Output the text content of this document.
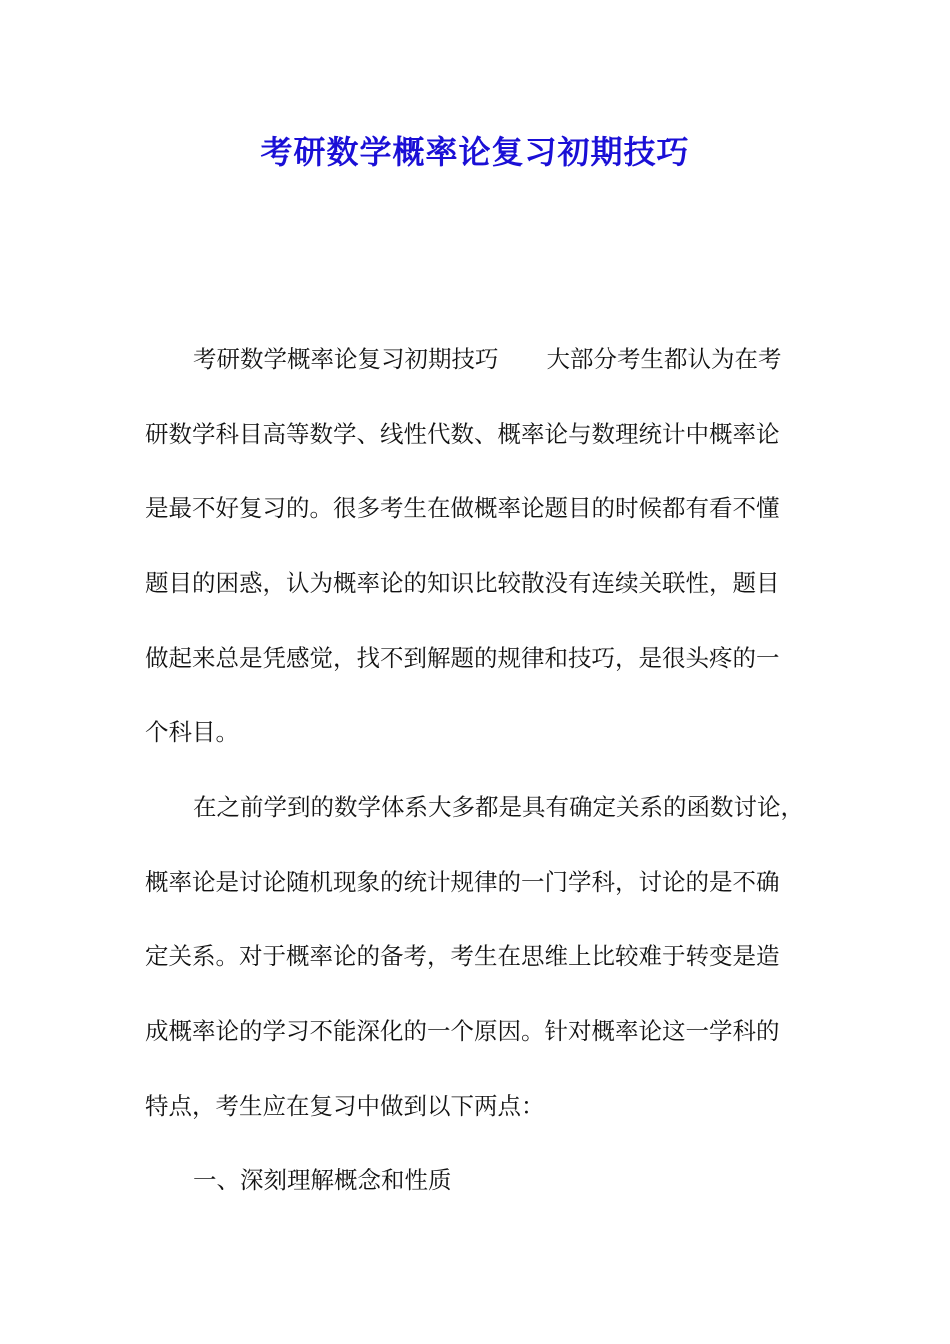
考研数学概率论复习初期技巧

考研数学概率论复习初期技巧 大部分考生都认为在考

研数学科目高等数学、线性代数、概率论与数理统计中概率论

是最不好复习的。很多考生在做概率论题目的时候都有看不懂

题目的困惑，认为概率论的知识比较散没有连续关联性，题目

做起来总是凭感觉，找不到解题的规律和技巧，是很头疼的一

个科目。

在之前学到的数学体系大多都是具有确定关系的函数讨论，

概率论是讨论随机现象的统计规律的一门学科，讨论的是不确

定关系。对于概率论的备考，考生在思维上比较难于转变是造

成概率论的学习不能深化的一个原因。针对概率论这一学科的

特点，考生应在复习中做到以下两点：

一、深刻理解概念和性质
